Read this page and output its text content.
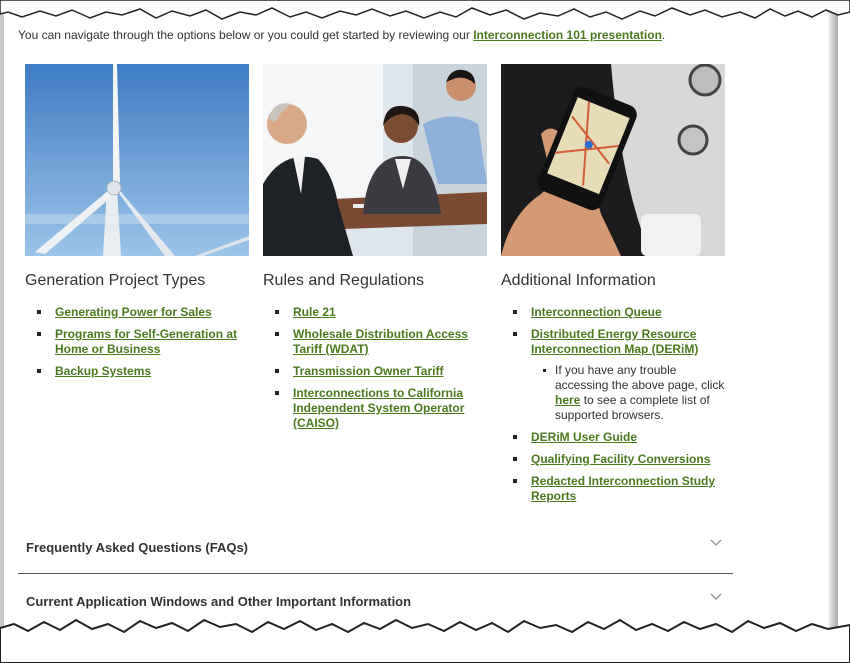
You can navigate through the options below or you could get started by reviewing our Interconnection 101 presentation.
Generation Project Types
Generating Power for Sales
Programs for Self-Generation at Home or Business
Backup Systems
Rules and Regulations
Rule 21
Wholesale Distribution Access Tariff (WDAT)
Transmission Owner Tariff
Interconnections to California Independent System Operator (CAISO)
Additional Information
Interconnection Queue
Distributed Energy Resource Interconnection Map (DERiM)
If you have any trouble accessing the above page, click here to see a complete list of supported browsers.
DERiM User Guide
Qualifying Facility Conversions
Redacted Interconnection Study Reports
Frequently Asked Questions (FAQs)
Current Application Windows and Other Important Information
